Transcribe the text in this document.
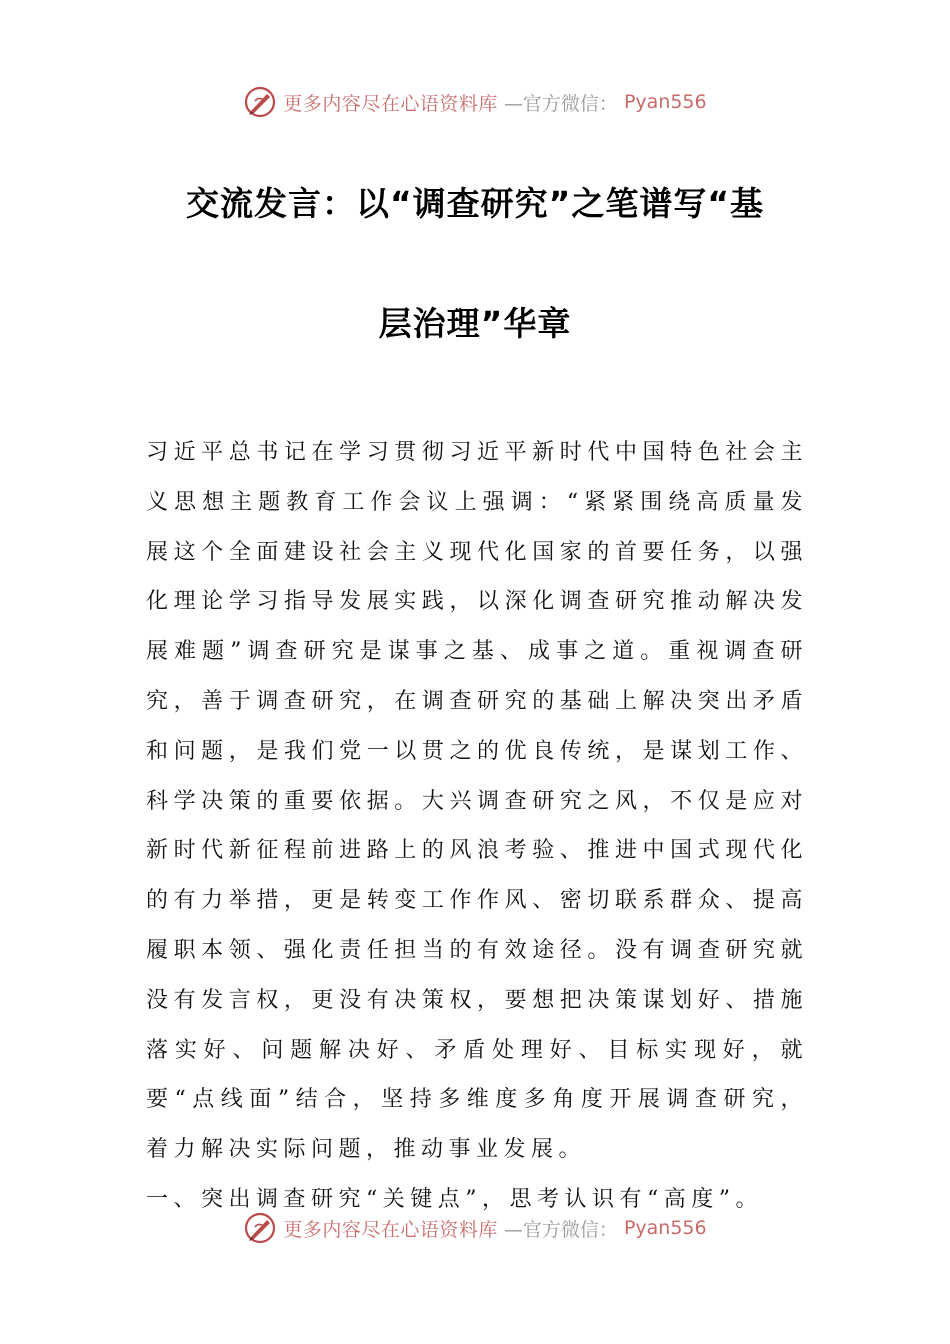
更多内容尽在心语资料库 —官方微信： Pyan556
交流发言：以“调查研究”之笔谱写“基
层治理”华章

习近平总书记在学习贯彻习近平新时代中国特色社会主义思想主题教育工作会议上强调：“紧紧围绕高质量发展这个全面建设社会主义现代化国家的首要任务，以强化理论学习指导发展实践，以深化调查研究推动解决发展难题”调查研究是谋事之基、成事之道。重视调查研究，善于调查研究，在调查研究的基础上解决突出矛盾和问题，是我们党一以贯之的优良传统，是谋划工作、科学决策的重要依据。大兴调查研究之风，不仅是应对新时代新征程前进路上的风浪考验、推进中国式现代化的有力举措，更是转变工作作风、密切联系群众、提高履职本领、强化责任担当的有效途径。没有调查研究就没有发言权，更没有决策权，要想把决策谋划好、措施落实好、问题解决好、矛盾处理好、目标实现好，就要“点线面”结合，坚持多维度多角度开展调查研究，着力解决实际问题，推动事业发展。

一、突出调查研究“关键点”，思考认识有“高度”。

更多内容尽在心语资料库 —官方微信： Pyan556
